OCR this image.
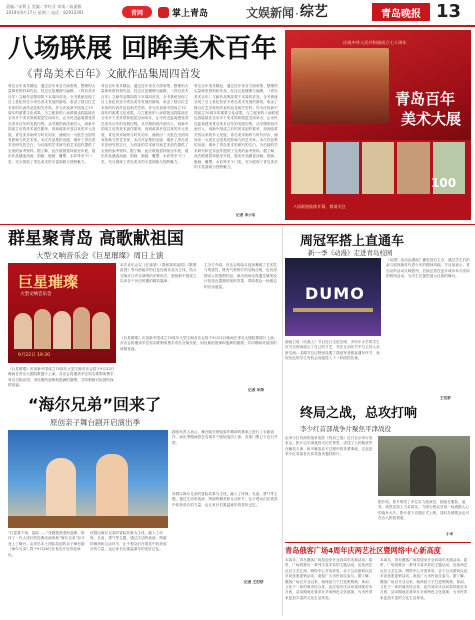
责编／宋利玉 美编／李红芬 审读／戚丽雅
2019年9月17日 星期二 电话：82933391	青网	掌上青岛	文娱新闻 · 综艺	青岛晚报 13
八场联展 回眸美术百年
《青岛美术百年》文献作品集周四首发
青岛百年美术精品，通过近年来各方面收集、整理的大量珍贵资料和作品，经过反复梳理与编辑，《青岛美术百年》文献作品集即将于本周四首发。全书系统呈现了自上世纪初至今青岛美术发展的脉络，收录了数百位艺术家的代表作品及相关史料。作为庆祝新中国成立70周年的重要文化成果，与之配套的八场联展也将陆续在全市多个美术馆和展览空间举办，让市民近距离感受青岛美术百年的发展历程。从早期的西洋画引入，到新中国成立后的美术创作繁荣，再到改革开放以来的多元发展，青岛美术始终与时代同步，涌现出一大批在全国具有影响力的艺术家。本次作品集的出版，填补了青岛美术史研究的空白，为后续的学术研究和艺术创作提供了宝贵的参考资料。据了解，此次联展将持续至年底，展出作品涵盖油画、国画、版画、雕塑、水彩等多个门类，充分展现了青岛美术的丰富面貌与独特魅力。
青岛百年美术精品，通过近年来各方面收集、整理的大量珍贵资料和作品，经过反复梳理与编辑，《青岛美术百年》文献作品集即将于本周四首发。全书系统呈现了自上世纪初至今青岛美术发展的脉络，收录了数百位艺术家的代表作品及相关史料。作为庆祝新中国成立70周年的重要文化成果，与之配套的八场联展也将陆续在全市多个美术馆和展览空间举办，让市民近距离感受青岛美术百年的发展历程。从早期的西洋画引入，到新中国成立后的美术创作繁荣，再到改革开放以来的多元发展，青岛美术始终与时代同步，涌现出一大批在全国具有影响力的艺术家。本次作品集的出版，填补了青岛美术史研究的空白，为后续的学术研究和艺术创作提供了宝贵的参考资料。据了解，此次联展将持续至年底，展出作品涵盖油画、国画、版画、雕塑、水彩等多个门类，充分展现了青岛美术的丰富面貌与独特魅力。
青岛百年美术精品，通过近年来各方面收集、整理的大量珍贵资料和作品，经过反复梳理与编辑，《青岛美术百年》文献作品集即将于本周四首发。全书系统呈现了自上世纪初至今青岛美术发展的脉络，收录了数百位艺术家的代表作品及相关史料。作为庆祝新中国成立70周年的重要文化成果，与之配套的八场联展也将陆续在全市多个美术馆和展览空间举办，让市民近距离感受青岛美术百年的发展历程。从早期的西洋画引入，到新中国成立后的美术创作繁荣，再到改革开放以来的多元发展，青岛美术始终与时代同步，涌现出一大批在全国具有影响力的艺术家。本次作品集的出版，填补了青岛美术史研究的空白，为后续的学术研究和艺术创作提供了宝贵的参考资料。据了解，此次联展将持续至年底，展出作品涵盖油画、国画、版画、雕塑、水彩等多个门类，充分展现了青岛美术的丰富面貌与独特魅力。
记者 李小东
庆祝中华人民共和国成立七十周年
青岛百年
美术大展
100
八场联展陆续开幕，敬请关注
群星聚青岛 高歌献祖国
大型文响音乐会《巨星璀璨》周日上演
巨星璀璨
大型文响音乐会
9月22日 19:30
《巨星璀璨》庆祝新中国成立70周年大型文响音乐会将于9月22日晚间在青岛大剧院歌剧厅上演。音乐会将邀请多位知名歌唱家携手青岛交响乐团，用经典的旋律和饱满的激情，共同唱响对祖国的深情祝福。
本次音乐会以《红旗颂》《我和我的祖国》《歌唱祖国》等耳熟能详的红色经典作品为主线，结合交响乐与声乐演唱的多种形式，展现新中国成立以来各个历史时期的精彩篇章。
主办方介绍，音乐会的曲目选择兼顾了艺术性与观赏性，既有气势恢宏的交响合唱，也有深情动人的独唱作品，演出现场还将通过舞美设计营造出震撼的视听效果，带给观众一场难忘的音乐盛宴。
《巨星璀璨》庆祝新中国成立70周年大型文响音乐会将于9月22日晚间在青岛大剧院歌剧厅上演。音乐会将邀请多位知名歌唱家携手青岛交响乐团，用经典的旋律和饱满的激情，共同唱响对祖国的深情祝福。
记者 米舜
“海尔兄弟”回来了
原创亲子舞台剧开启演出季
“打雷要下雨，雷欧……”伴随着熟悉的旋律，陪伴了一代人成长的经典动画形象“海尔兄弟”如今登上了舞台。由青岛本土团队原创的亲子舞台剧《海尔兄弟》将于9月28日在青岛开启首轮演出。
该剧以海尔兄弟的冒险故事为主线，融入了环保、友谊、勇气等主题，通过生动的表演、绚丽的舞美和互动环节，让小观众们在欢笑中收获成长的力量，也让家长们重温童年的美好记忆。
剧组负责人表示，舞台剧在保留原作精神的基础上进行了全新创作，演出季期间将在岛城多个剧场巡回上演，首演门票已于近日开售。
该剧以海尔兄弟的冒险故事为主线，融入了环保、友谊、勇气等主题，通过生动的表演、绚丽的舞美和互动环节，让小观众们在欢笑中收获成长的力量，也让家长们重温童年的美好记忆。
记者 王衍舒
周冠军搭上直通车
新一季《动漫》走进青岛校园
DUMO
湖南卫视《动漫人》节目近日走进岛城，多所中小学的学生在节目现场展示了自己的才艺，并在互动环节中与主持人亲密交流。本期节目还特别设置了周冠军晋级直通车环节，表现出色的学生有机会直接进入下一阶段的比赛。
《动漫》活动由湖南广播电视台主办，通过学生们的参与展现新时代青少年的精神风貌。节目组表示，青岛站的活动反响热烈，后续还将在更多城市举办类似的校园活动，为学生们提供展示自我的舞台。
王衍舒
终局之战，总攻打响
李少红首部战争片聚焦平津战役
由李少红导演的战争电影《终局之战》近日在京举行发布会。影片以平津战役为历史背景，讲述了人民解放军在解放天津、和平解放北平过程中的英勇事迹，这也是李少红导演首次执导战争题材影片。
据介绍，影片集结了多位实力派演员，剧组在服装、道具、场景还原上力求真实，力图为观众呈现一场震撼人心的战争大片。影片将于近期正式上映，届时岛城观众也可在各大影院观看。
小米
青岛俄客广场4周年庆两艺社区暨网络中心新高度
本周末，青岛俄客广场将迎来开业四周年庆典活动。届时，广场将推出一系列丰富多彩的主题活动，包括两艺社区文艺汇演、网络中心开放体验、亲子互动游戏以及多项优惠促销活动，欢迎广大市民前往参与。据了解，俄客广场自开业以来，始终致力于打造集购物、休闲、文化于一体的城市综合体，此次周年庆活动将持续至本月底，活动期间还将举办多场特色文化展演，为市民带来更加丰富的文化生活体验。
本周末，青岛俄客广场将迎来开业四周年庆典活动。届时，广场将推出一系列丰富多彩的主题活动，包括两艺社区文艺汇演、网络中心开放体验、亲子互动游戏以及多项优惠促销活动，欢迎广大市民前往参与。据了解，俄客广场自开业以来，始终致力于打造集购物、休闲、文化于一体的城市综合体，此次周年庆活动将持续至本月底，活动期间还将举办多场特色文化展演，为市民带来更加丰富的文化生活体验。
